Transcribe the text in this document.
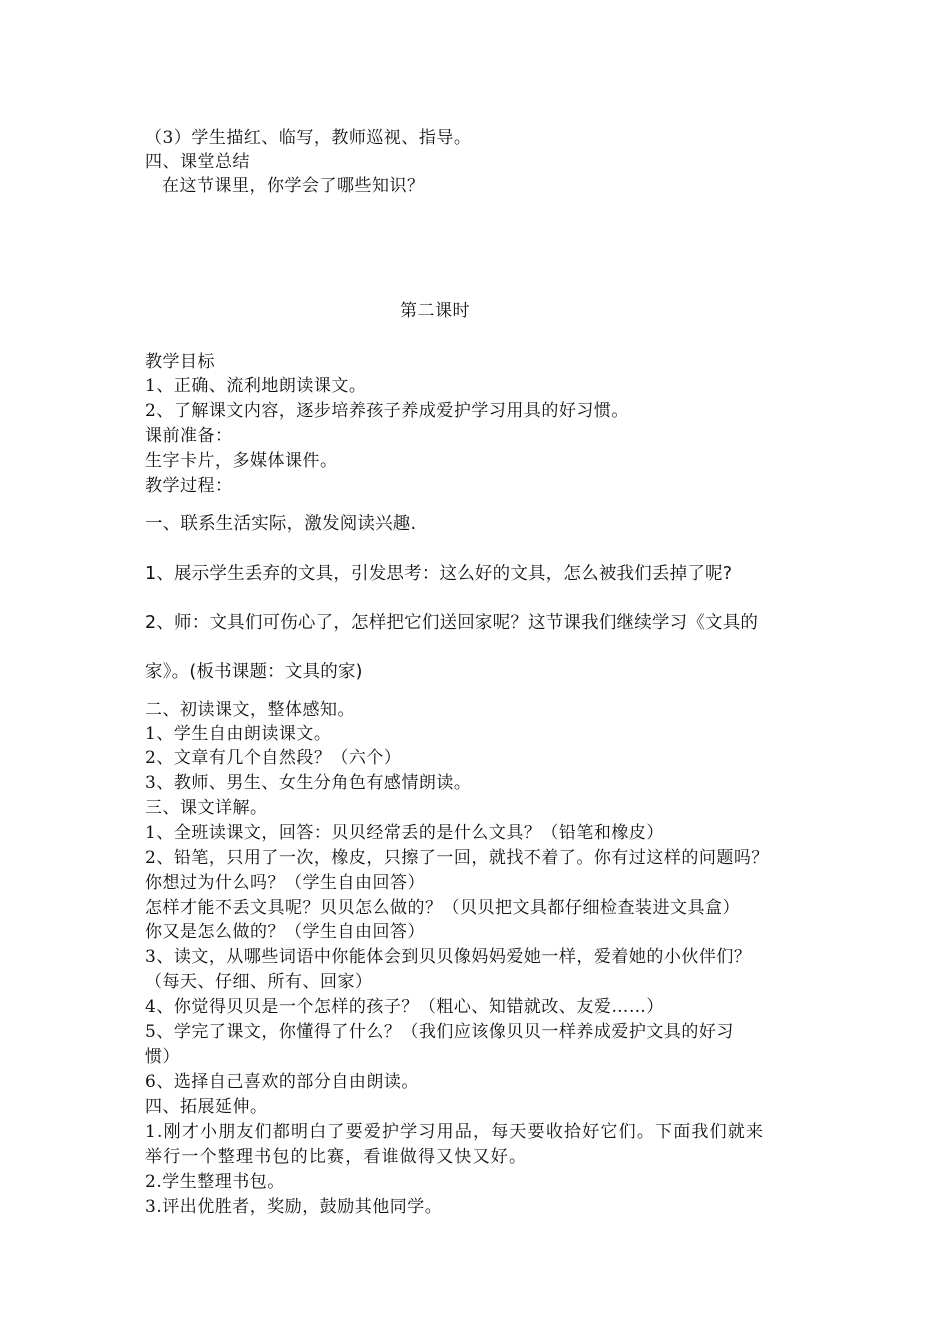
（3）学生描红、临写，教师巡视、指导。
四、课堂总结
在这节课里，你学会了哪些知识？
第二课时
教学目标
1、正确、流利地朗读课文。
2、了解课文内容，逐步培养孩子养成爱护学习用具的好习惯。
课前准备：
生字卡片，多媒体课件。
教学过程：
一、联系生活实际，激发阅读兴趣.
1、展示学生丢弃的文具，引发思考：这么好的文具，怎么被我们丢掉了呢?
2、师：文具们可伤心了，怎样把它们送回家呢？这节课我们继续学习《文具的
家》。(板书课题：文具的家)
二、初读课文，整体感知。
1、学生自由朗读课文。
2、文章有几个自然段？（六个）
3、教师、男生、女生分角色有感情朗读。
三、课文详解。
1、全班读课文，回答：贝贝经常丢的是什么文具？（铅笔和橡皮）
2、铅笔，只用了一次，橡皮，只擦了一回，就找不着了。你有过这样的问题吗？
你想过为什么吗？（学生自由回答）
怎样才能不丢文具呢？贝贝怎么做的？（贝贝把文具都仔细检查装进文具盒）
你又是怎么做的？（学生自由回答）
3、读文，从哪些词语中你能体会到贝贝像妈妈爱她一样，爱着她的小伙伴们？
（每天、仔细、所有、回家）
4、你觉得贝贝是一个怎样的孩子？（粗心、知错就改、友爱……）
5、学完了课文，你懂得了什么？（我们应该像贝贝一样养成爱护文具的好习
惯）
6、选择自己喜欢的部分自由朗读。
四、拓展延伸。
1.刚才小朋友们都明白了要爱护学习用品，每天要收拾好它们。下面我们就来
举行一个整理书包的比赛，看谁做得又快又好。
2.学生整理书包。
3.评出优胜者，奖励，鼓励其他同学。
